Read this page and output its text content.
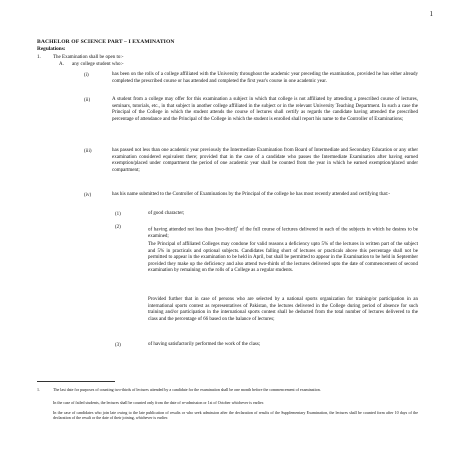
1
BACHELOR OF SCIENCE PART – I EXAMINATION
Regulations:
1. The Examination shall be open to:-
A. any college student who:-
(i)	has been on the rolls of a college affiliated with the University throughout the academic year preceding the examination, provided he has either already completed the prescribed course or has attended and completed the first year's course in one academic year.

(ii)	A student from a college may offer for this examination a subject in which that college is not affiliated by attending a prescribed course of lectures, seminars, tutorials, etc., in that subject in another college affiliated in the subject or in the relevant University Teaching Department. In such a case the Principal of the College in which the student attends the course of lectures shall certify as regards the candidate having attended the prescribed percentage of attendance and the Principal of the College in which the student is enrolled shall report his name to the Controller of Examinations;

(iii)	has passed not less than one academic year previously the Intermediate Examination from Board of Intermediate and Secondary Education or any other examination considered equivalent there; provided that in the case of a candidate who passes the Intermediate Examination after having earned exemption/placed under compartment the period of one academic year shall be counted from the year in which he earned exemption/placed under compartment;

(iv)	has his name submitted to the Controller of Examinations by the Principal of the college he has most recently attended and certifying that:-

(1)	of good character;

(2)

of having attended not less than [two-third]$^1$ of the full course of lectures delivered in each of the subjects in which he desires to be examined;

The Principal of affiliated Colleges may condone for valid reasons a deficiency upto 5% of the lectures in written part of the subject and 5% in practicals and optional subjects. Candidates falling short of lectures or practicals above this percentage shall not be permitted to appear in the examination to be held in April, but shall be permitted to appear in the Examination to be held in September provided they make up the deficiency and also attend two-thirds of the lectures delivered upto the date of commencement of second examination by remaining on the rolls of a College as a regular students.

Provided further that in case of persons who are selected by a national sports organization for training/or participation in an international sports contest as representatives of Pakistan, the lectures delivered in the College during period of absence for such training and/or participation in the international sports contest shall be deducted from the total number of lectures delivered to the class and the percentage of 66 based on the balance of lectures;

(3)	of having satisfactorily performed the work of the class;

1.	The last date for purposes of counting two-thirds of lectures attended by a candidate for the examination shall be one month before the commencement of examination.

In the case of failed students, the lectures shall be counted only from the date of re-admission or 1st of October whichever is earlier.

In the case of candidates who join late owing to the late publication of results or who seek admission after the declaration of results of the Supplementary Examination, the lectures shall be counted form after 10 days of the declaration of the result or the date of their joining, whichever is earlier.
